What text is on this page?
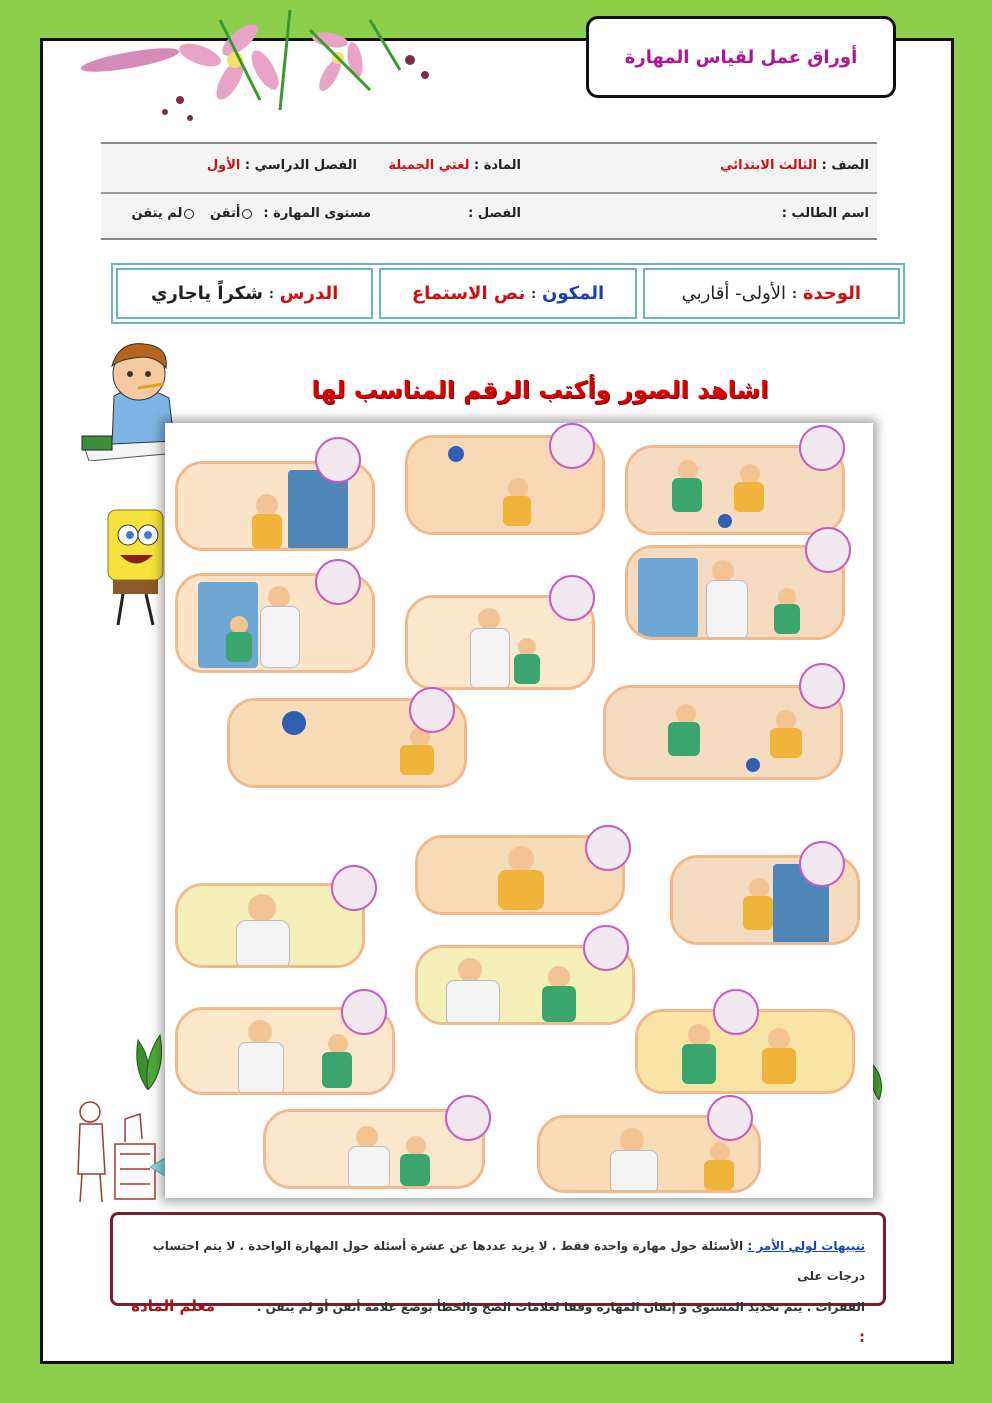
أوراق عمل لقياس المهارة
الصف : الثالث الابتدائي
المادة : لغتي الجميلة
الفصل الدراسي : الأول
اسم الطالب :
الفصل :
مستوى المهارة :  أتقن   لم يتقن
الوحدة
:
الأولى- أقاربي
المكون
:
نص الاستماع
الدرس
:
شكراً ياجاري
اشاهد الصور وأكتب الرقم المناسب لها
تنبيهات لولي الأمر : الأسئلة حول مهارة واحدة فقط . لا يزيد عددها عن عشرة أسئلة حول المهارة الواحدة . لا يتم احتساب درجات على
الفقرات . يتم تحديد المستوى و إتقان المهارة وفقا لعلامات الصح والخطأ بوضع علامة أتقن أو لم يتقن .          معلم المادة :
